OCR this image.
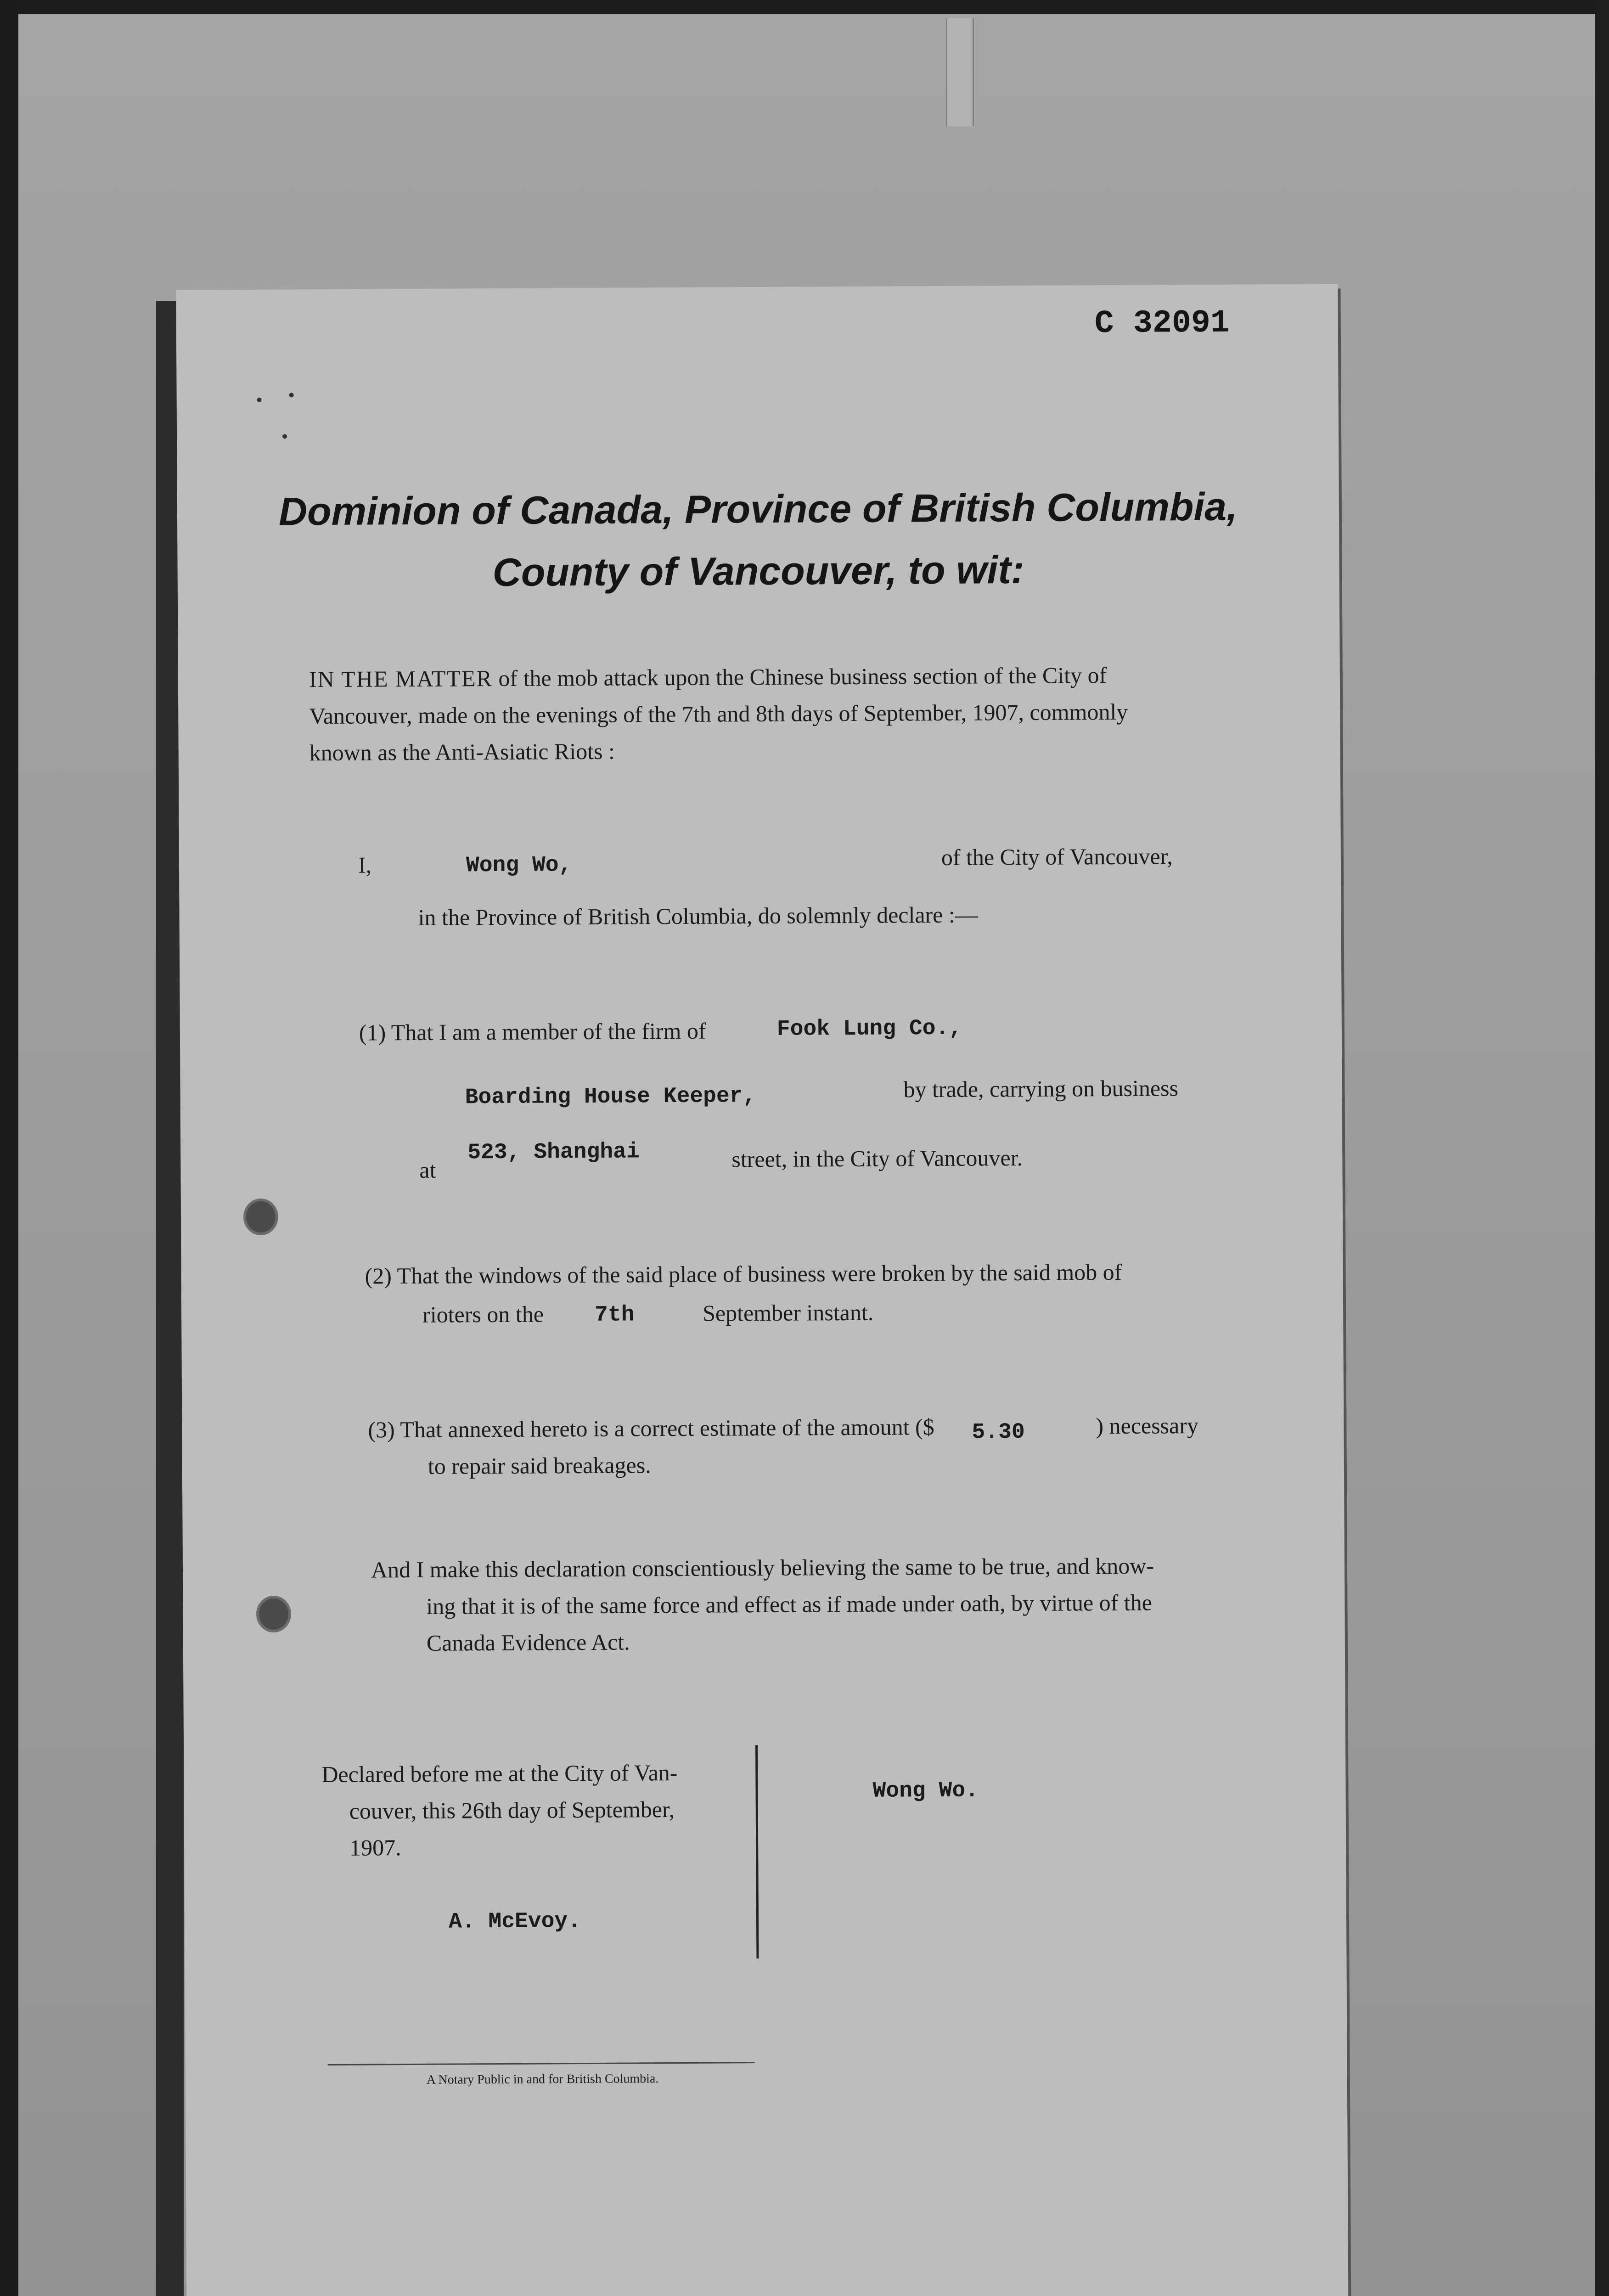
C 32091
Dominion of Canada, Province of British Columbia,
County of Vancouver, to wit:
IN THE MATTER of the mob attack upon the Chinese business section of the City of
Vancouver, made on the evenings of the 7th and 8th days of September, 1907, commonly
known as the Anti-Asiatic Riots :
I,	Wong Wo,	of the City of Vancouver,
in the Province of British Columbia, do solemnly declare :—
(1) That I am a member of the firm of	Fook Lung Co.,
Boarding House Keeper,	by trade, carrying on business
at
523, Shanghai	street, in the City of Vancouver.
(2) That the windows of the said place of business were broken by the said mob of
rioters on the 7th	September instant.
(3) That annexed hereto is a correct estimate of the amount ($ 5.30	) necessary
to repair said breakages.
And I make this declaration conscientiously believing the same to be true, and know-
ing that it is of the same force and effect as if made under oath, by virtue of the
Canada Evidence Act.
Declared before me at the City of Van-
couver, this 26th day of September,
1907.
A. McEvoy.
Wong Wo.
A Notary Public in and for British Columbia.
